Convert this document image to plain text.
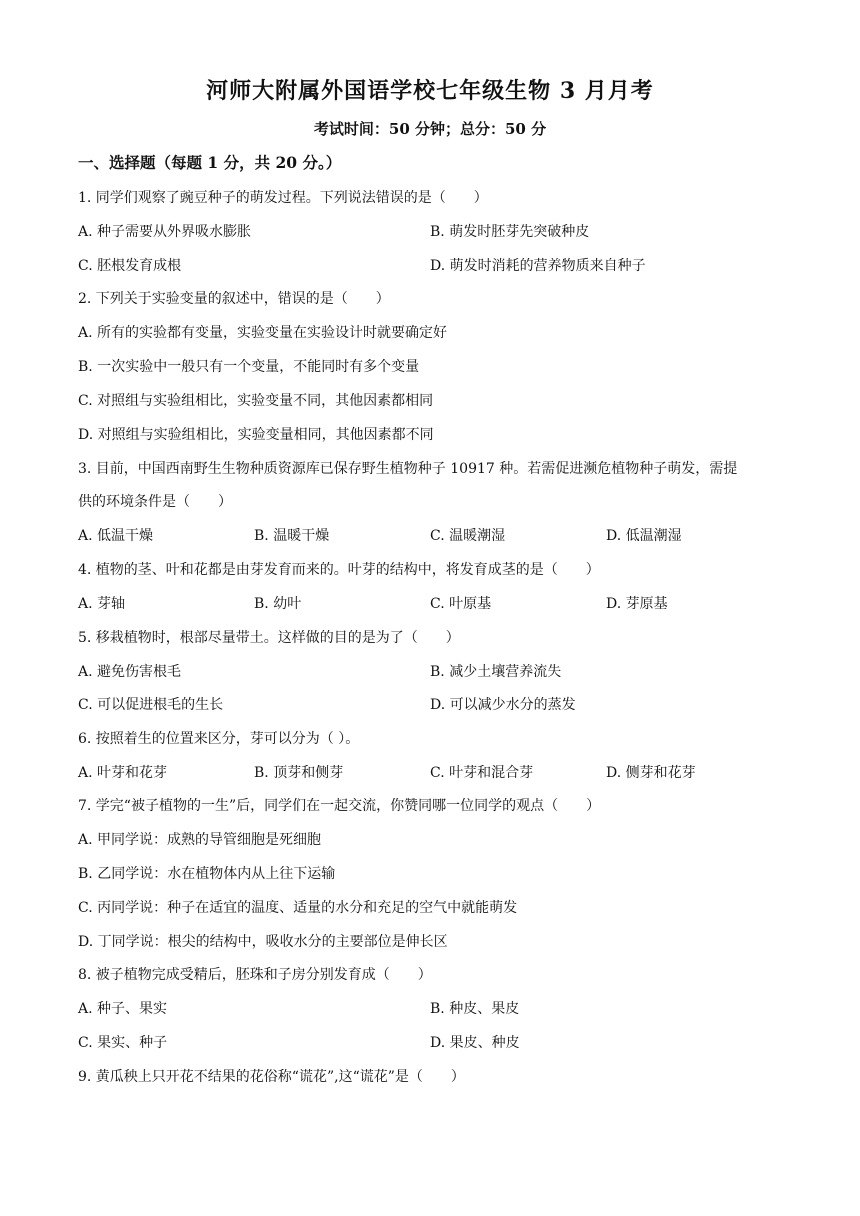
河师大附属外国语学校七年级生物 3 月月考
考试时间：50 分钟；总分：50 分
一、选择题（每题 1 分，共 20 分。）
1. 同学们观察了豌豆种子的萌发过程。下列说法错误的是（　　）
A. 种子需要从外界吸水膨胀	B. 萌发时胚芽先突破种皮
C. 胚根发育成根	D. 萌发时消耗的营养物质来自种子
2. 下列关于实验变量的叙述中，错误的是（　　）
A. 所有的实验都有变量，实验变量在实验设计时就要确定好
B. 一次实验中一般只有一个变量，不能同时有多个变量
C. 对照组与实验组相比，实验变量不同，其他因素都相同
D. 对照组与实验组相比，实验变量相同，其他因素都不同
3. 目前，中国西南野生生物种质资源库已保存野生植物种子 10917 种。若需促进濒危植物种子萌发，需提
供的环境条件是（　　）
A. 低温干燥	B. 温暖干燥	C. 温暖潮湿	D. 低温潮湿
4. 植物的茎、叶和花都是由芽发育而来的。叶芽的结构中，将发育成茎的是（　　）
A. 芽轴	B. 幼叶	C. 叶原基	D. 芽原基
5. 移栽植物时，根部尽量带土。这样做的目的是为了（　　）
A. 避免伤害根毛	B. 减少土壤营养流失
C. 可以促进根毛的生长	D. 可以减少水分的蒸发
6. 按照着生的位置来区分，芽可以分为（ ）。
A. 叶芽和花芽	B. 顶芽和侧芽	C. 叶芽和混合芽	D. 侧芽和花芽
7. 学完“被子植物的一生”后，同学们在一起交流，你赞同哪一位同学的观点（　　）
A. 甲同学说：成熟的导管细胞是死细胞
B. 乙同学说：水在植物体内从上往下运输
C. 丙同学说：种子在适宜的温度、适量的水分和充足的空气中就能萌发
D. 丁同学说：根尖的结构中，吸收水分的主要部位是伸长区
8. 被子植物完成受精后，胚珠和子房分别发育成（　　）
A. 种子、果实	B. 种皮、果皮
C. 果实、种子	D. 果皮、种皮
9. 黄瓜秧上只开花不结果的花俗称“谎花”,这“谎花”是（　　）
